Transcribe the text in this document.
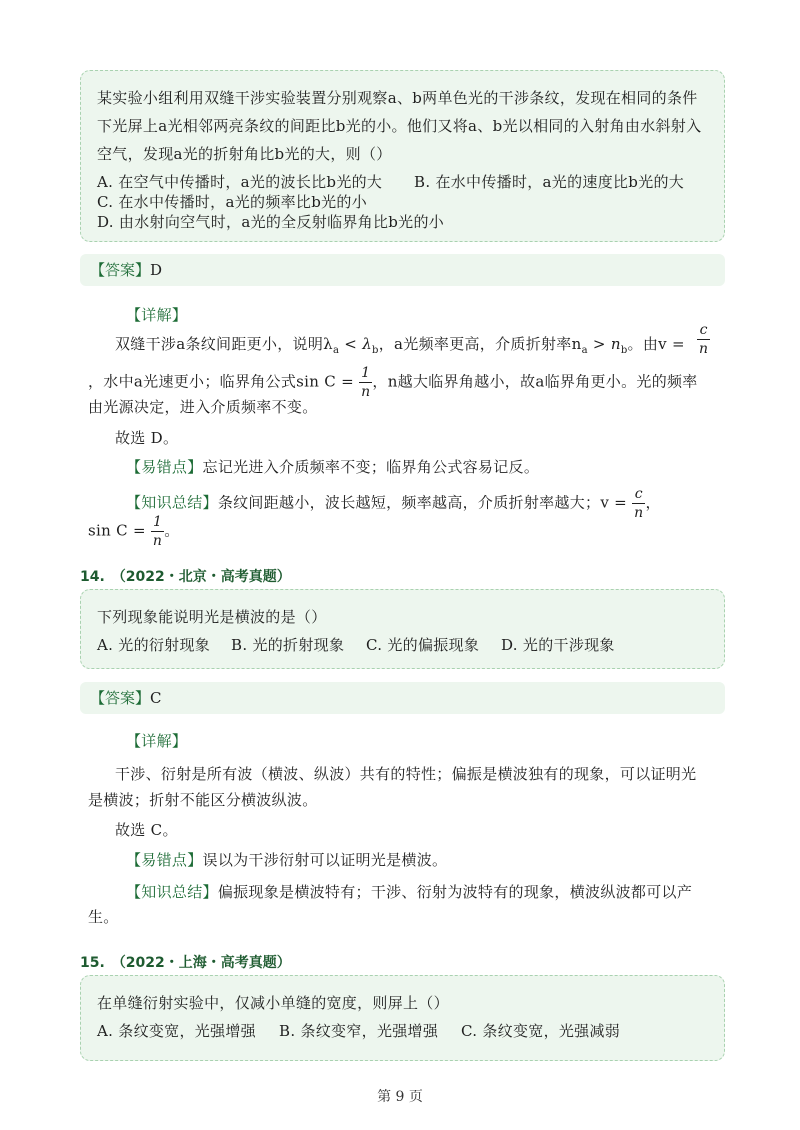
某实验小组利用双缝干涉实验装置分别观察a、b两单色光的干涉条纹，发现在相同的条件
下光屏上a光相邻两亮条纹的间距比b光的小。他们又将a、b光以相同的入射角由水斜射入
空气，发现a光的折射角比b光的大，则（）
A. 在空气中传播时，a光的波长比b光的大 B. 在水中传播时，a光的速度比b光的大
C. 在水中传播时，a光的频率比b光的小
D. 由水射向空气时，a光的全反射临界角比b光的小
【答案】D
【详解】
双缝干涉a条纹间距更小，说明$\lambda_a < \lambda_b$，a光频率更高，介质折射率$n_a > n_b$。由$v = \frac{c}{n}$
，水中a光速更小；临界角公式$\sin C = \frac{1}{n}$ ，n越大临界角越小，故a临界角更小。光的频率
由光源决定，进入介质频率不变。
故选 D。
【易错点】忘记光进入介质频率不变；临界角公式容易记反。
【知识总结】条纹间距越小，波长越短，频率越高，介质折射率越大；$v = \frac{c}{n}$ ，
$\sin C = \frac{1}{n}$ 。
14.　（2022・北京・高考真题）
下列现象能说明光是横波的是（）
A. 光的衍射现象 B. 光的折射现象 C. 光的偏振现象 D. 光的干涉现象
【答案】C
【详解】
干涉、衍射是所有波（横波、纵波）共有的特性；偏振是横波独有的现象，可以证明光
是横波；折射不能区分横波纵波。
故选 C。
【易错点】误以为干涉衍射可以证明光是横波。
【知识总结】偏振现象是横波特有；干涉、衍射为波特有的现象，横波纵波都可以产
生。
15.　（2022・上海・高考真题）
在单缝衍射实验中，仅减小单缝的宽度，则屏上（）
A. 条纹变宽，光强增强 B. 条纹变窄，光强增强 C. 条纹变宽，光强减弱
第 9 页
